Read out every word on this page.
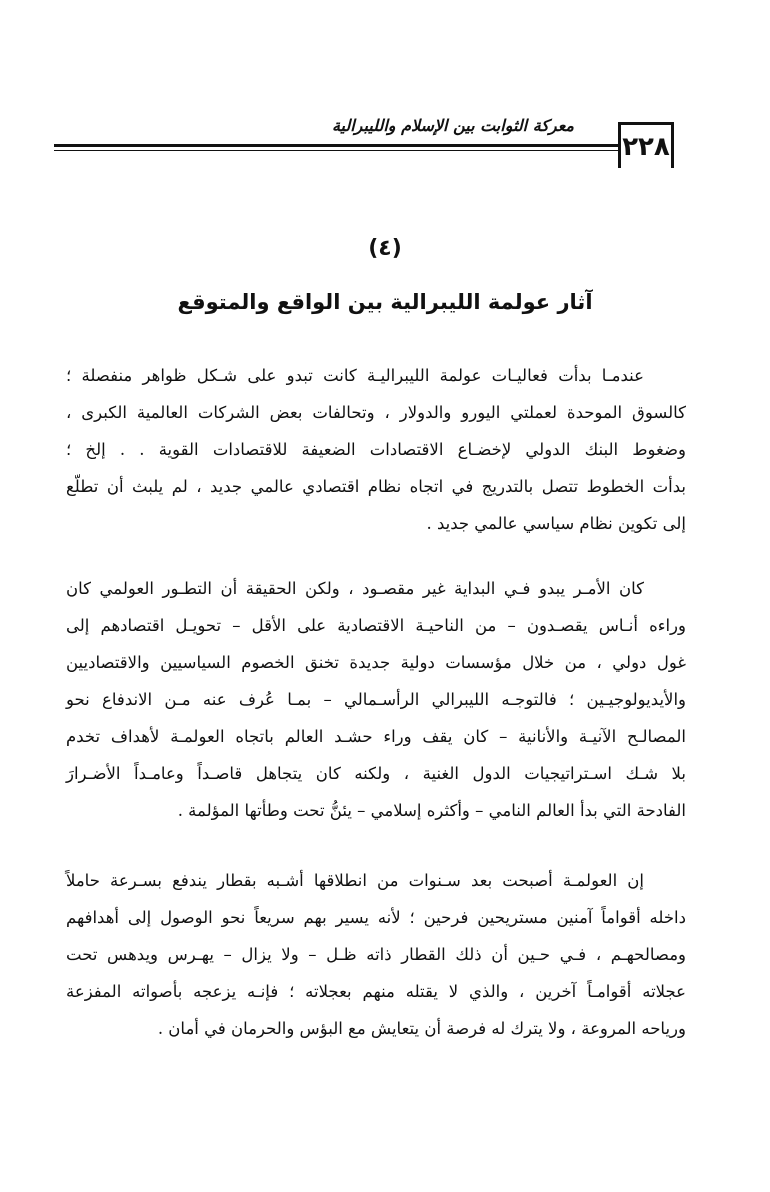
معركة الثوابت بين الإسلام والليبرالية
٢٢٨
(٤)
آثار عولمة الليبرالية بين الواقع والمتوقع
عندمـا بدأت فعاليـات عولمة الليبراليـة كانت تبدو على شـكل ظواهر منفصلة ؛
كالسوق الموحدة لعملتي اليورو والدولار ، وتحالفات بعض الشركات العالمية الكبرى ،
وضغوط البنك الدولي لإخضـاع الاقتصادات الضعيفة للاقتصادات القوية . . إلخ ؛
بدأت الخطوط تتصل بالتدريج في اتجاه نظام اقتصادي عالمي جديد ، لم يلبث أن تطلّع
إلى تكوين نظام سياسي عالمي جديد .
كان الأمـر يبدو فـي البداية غير مقصـود ، ولكن الحقيقة أن التطـور العولمي كان
وراءه أنـاس يقصـدون – من الناحيـة الاقتصادية على الأقل – تحويـل اقتصادهم إلى
غول دولي ، من خلال مؤسسات دولية جديدة تخنق الخصوم السياسيين والاقتصاديين
والأيديولوجيـين ؛ فالتوجـه الليبرالي الرأسـمالي – بمـا عُرف عنه مـن الاندفاع نحو
المصالـح الآنيـة والأنانية – كان يقف وراء حشـد العالم باتجاه العولمـة لأهداف تخدم
بلا شـك اسـتراتيجيات الدول الغنية ، ولكنه كان يتجاهل قاصـداً وعامـداً الأضـرارَ
الفادحة التي بدأ العالم النامي – وأكثره إسلامي – يئنُّ تحت وطأتها المؤلمة .
إن العولمـة أصبحت بعد سـنوات من انطلاقها أشـبه بقطار يندفع بسـرعة حاملاً
داخله أقواماً آمنين مستريحين فرحين ؛ لأنه يسير بهم سريعاً نحو الوصول إلى أهدافهم
ومصالحهـم ، فـي حـين أن ذلك القطار ذاته ظـل – ولا يزال – يهـرس ويدهس تحت
عجلاته أقوامـاً آخرين ، والذي لا يقتله منهم بعجلاته ؛ فإنـه يزعجه بأصواته المفزعة
ورياحه المروعة ، ولا يترك له فرصة أن يتعايش مع البؤس والحرمان في أمان .
